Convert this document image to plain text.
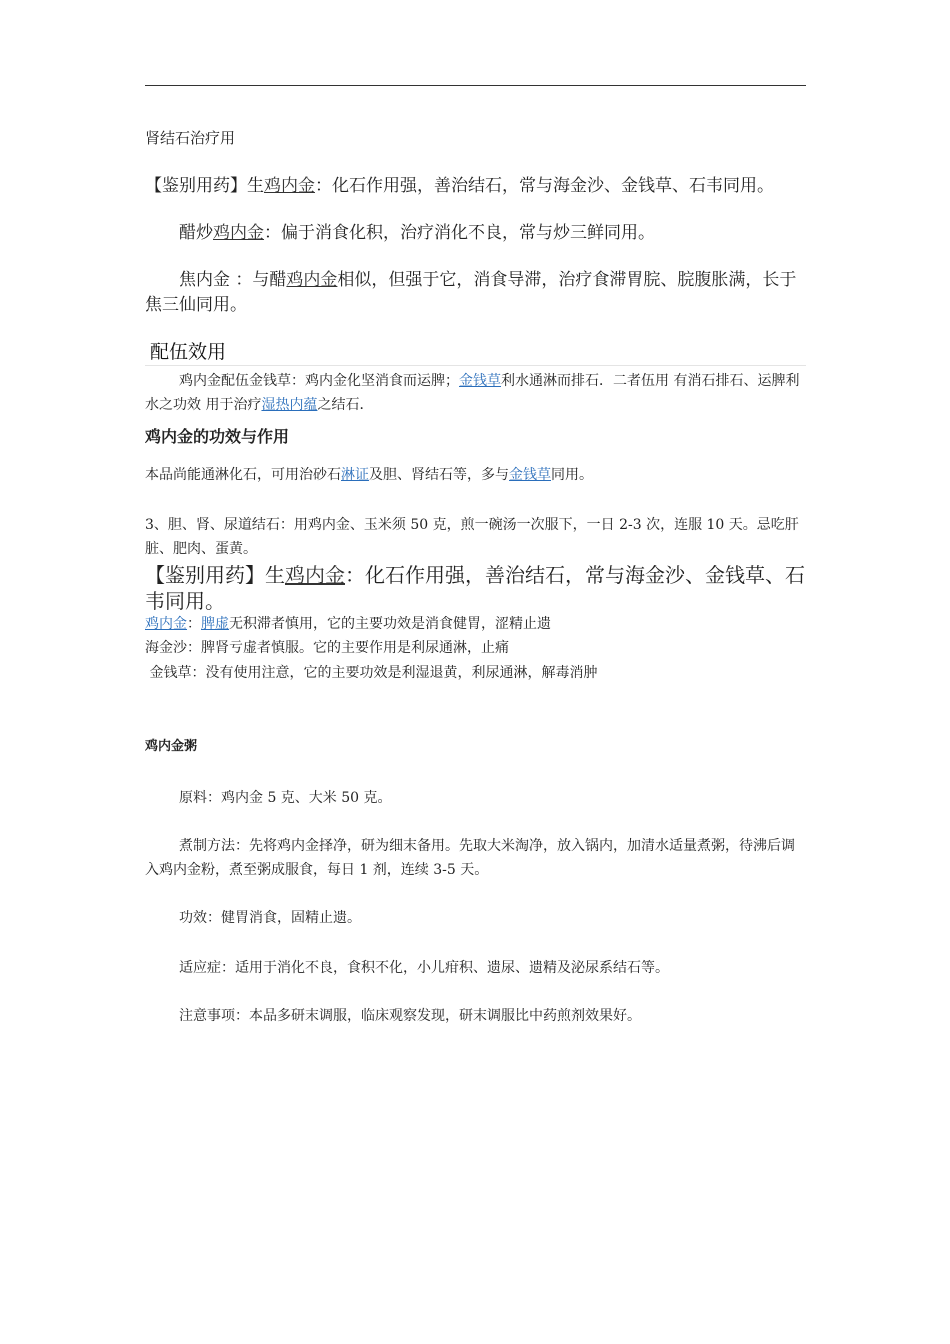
肾结石治疗用

【鉴别用药】生鸡内金：化石作用强，善治结石，常与海金沙、金钱草、石韦同用。

醋炒鸡内金：偏于消食化积，治疗消化不良，常与炒三鲜同用。

焦内金 ：与醋鸡内金相似，但强于它，消食导滞，治疗食滞胃脘、脘腹胀满，长于焦三仙同用。

配伍效用

鸡内金配伍金钱草：鸡内金化坚消食而运脾；金钱草利水通淋而排石．二者伍用 有消石排石、运脾利水之功效 用于治疗湿热内蕴之结石．

鸡内金的功效与作用

本品尚能通淋化石，可用治砂石淋证及胆、肾结石等，多与金钱草同用。

3、胆、肾、尿道结石：用鸡内金、玉米须 50 克，煎一碗汤一次服下，一日 2-3 次，连服 10 天。忌吃肝脏、肥肉、蛋黄。

【鉴别用药】生鸡内金：化石作用强，善治结石，常与海金沙、金钱草、石韦同用。

鸡内金：脾虚无积滞者慎用，它的主要功效是消食健胃，涩精止遗

海金沙：脾肾亏虚者慎服。它的主要作用是利尿通淋，止痛

金钱草：没有使用注意，它的主要功效是利湿退黄，利尿通淋，解毒消肿

鸡内金粥

原料：鸡内金 5 克、大米 50 克。

煮制方法：先将鸡内金择净，研为细末备用。先取大米淘净，放入锅内，加清水适量煮粥，待沸后调入鸡内金粉，煮至粥成服食，每日 1 剂，连续 3-5 天。

功效：健胃消食，固精止遗。

适应症：适用于消化不良，食积不化，小儿疳积、遗尿、遗精及泌尿系结石等。

注意事项：本品多研末调服，临床观察发现，研末调服比中药煎剂效果好。
